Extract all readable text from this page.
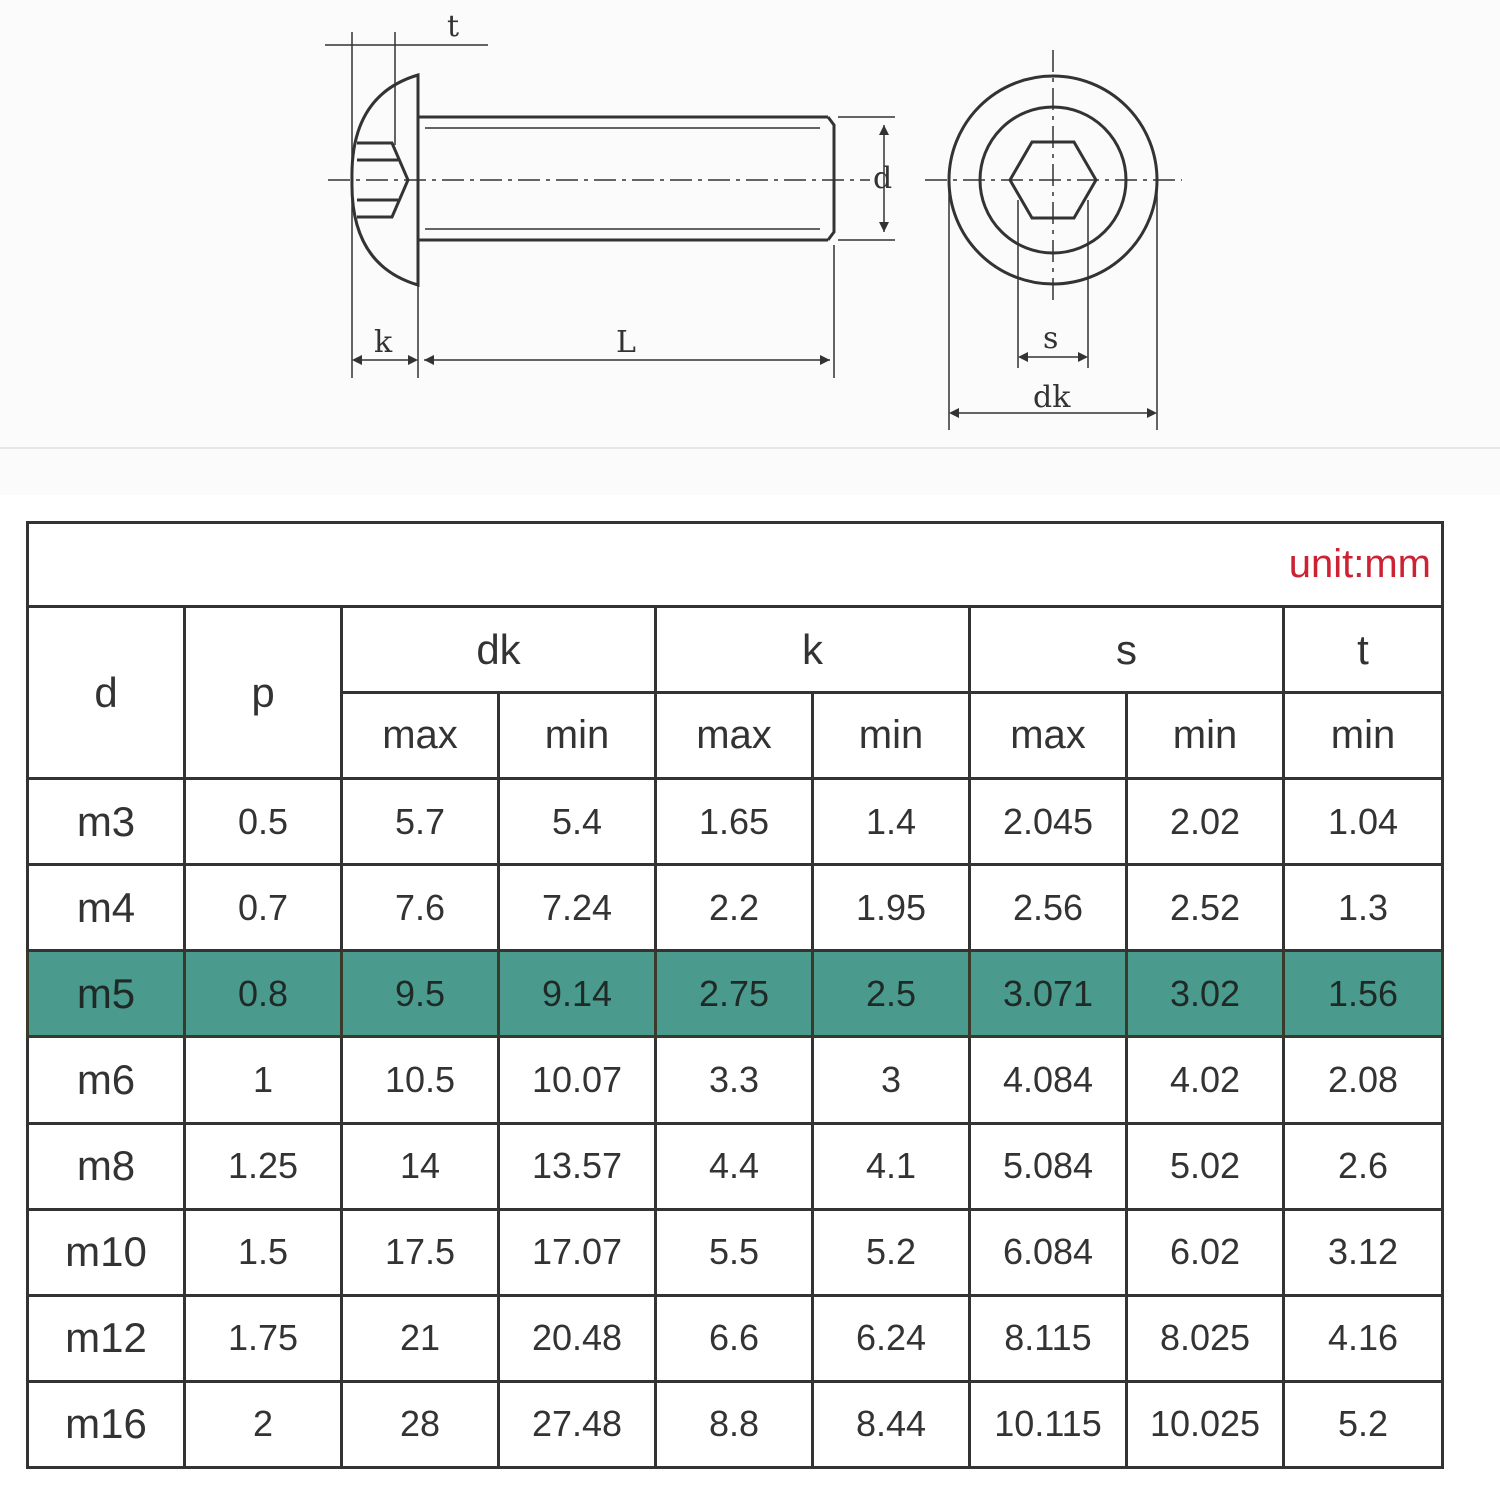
t
d
k	L	s
dk
unit:mm								
d	p	dk		k		s		t
		max	min	max	min	max	min	min
m3	0.5	5.7	5.4	1.65	1.4	2.045	2.02	1.04
m4	0.7	7.6	7.24	2.2	1.95	2.56	2.52	1.3
m5	0.8	9.5	9.14	2.75	2.5	3.071	3.02	1.56
m6	1	10.5	10.07	3.3	3	4.084	4.02	2.08
m8	1.25	14	13.57	4.4	4.1	5.084	5.02	2.6
m10	1.5	17.5	17.07	5.5	5.2	6.084	6.02	3.12
m12	1.75	21	20.48	6.6	6.24	8.115	8.025	4.16
m16	2	28	27.48	8.8	8.44	10.115	10.025	5.2
